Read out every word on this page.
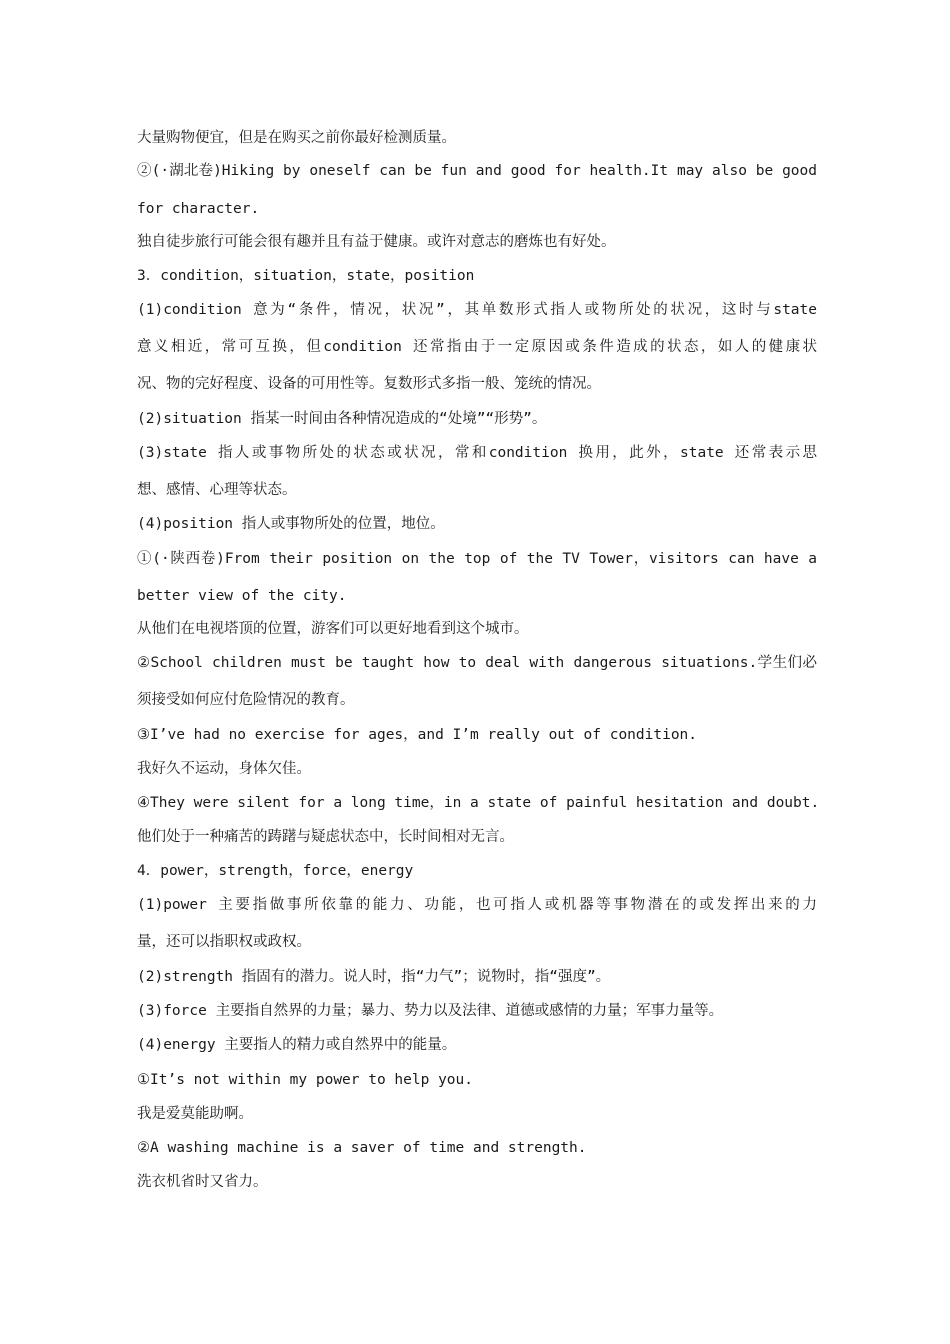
大量购物便宜，但是在购买之前你最好检测质量。
②(·湖北卷)Hiking by oneself can be fun and good for health.It may also be good
for character.
独自徒步旅行可能会很有趣并且有益于健康。或许对意志的磨炼也有好处。
3．condition，situation，state，position
(1)condition 意为“条件，情况，状况”，其单数形式指人或物所处的状况，这时与state
意义相近，常可互换，但condition 还常指由于一定原因或条件造成的状态，如人的健康状
况、物的完好程度、设备的可用性等。复数形式多指一般、笼统的情况。
(2)situation 指某一时间由各种情况造成的“处境”“形势”。
(3)state 指人或事物所处的状态或状况，常和condition 换用，此外，state 还常表示思
想、感情、心理等状态。
(4)position 指人或事物所处的位置，地位。
①(·陕西卷)From their position on the top of the TV Tower，visitors can have a
better view of the city.
从他们在电视塔顶的位置，游客们可以更好地看到这个城市。
②School children must be taught how to deal with dangerous situations.学生们必
须接受如何应付危险情况的教育。
③I’ve had no exercise for ages，and I’m really out of condition.
我好久不运动，身体欠佳。
④They were silent for a long time，in a state of painful hesitation and doubt.
他们处于一种痛苦的踌躇与疑虑状态中，长时间相对无言。
4．power，strength，force，energy
(1)power 主要指做事所依靠的能力、功能，也可指人或机器等事物潜在的或发挥出来的力
量，还可以指职权或政权。
(2)strength 指固有的潜力。说人时，指“力气”；说物时，指“强度”。
(3)force 主要指自然界的力量；暴力、势力以及法律、道德或感情的力量；军事力量等。
(4)energy 主要指人的精力或自然界中的能量。
①It’s not within my power to help you.
我是爱莫能助啊。
②A washing machine is a saver of time and strength.
洗衣机省时又省力。
